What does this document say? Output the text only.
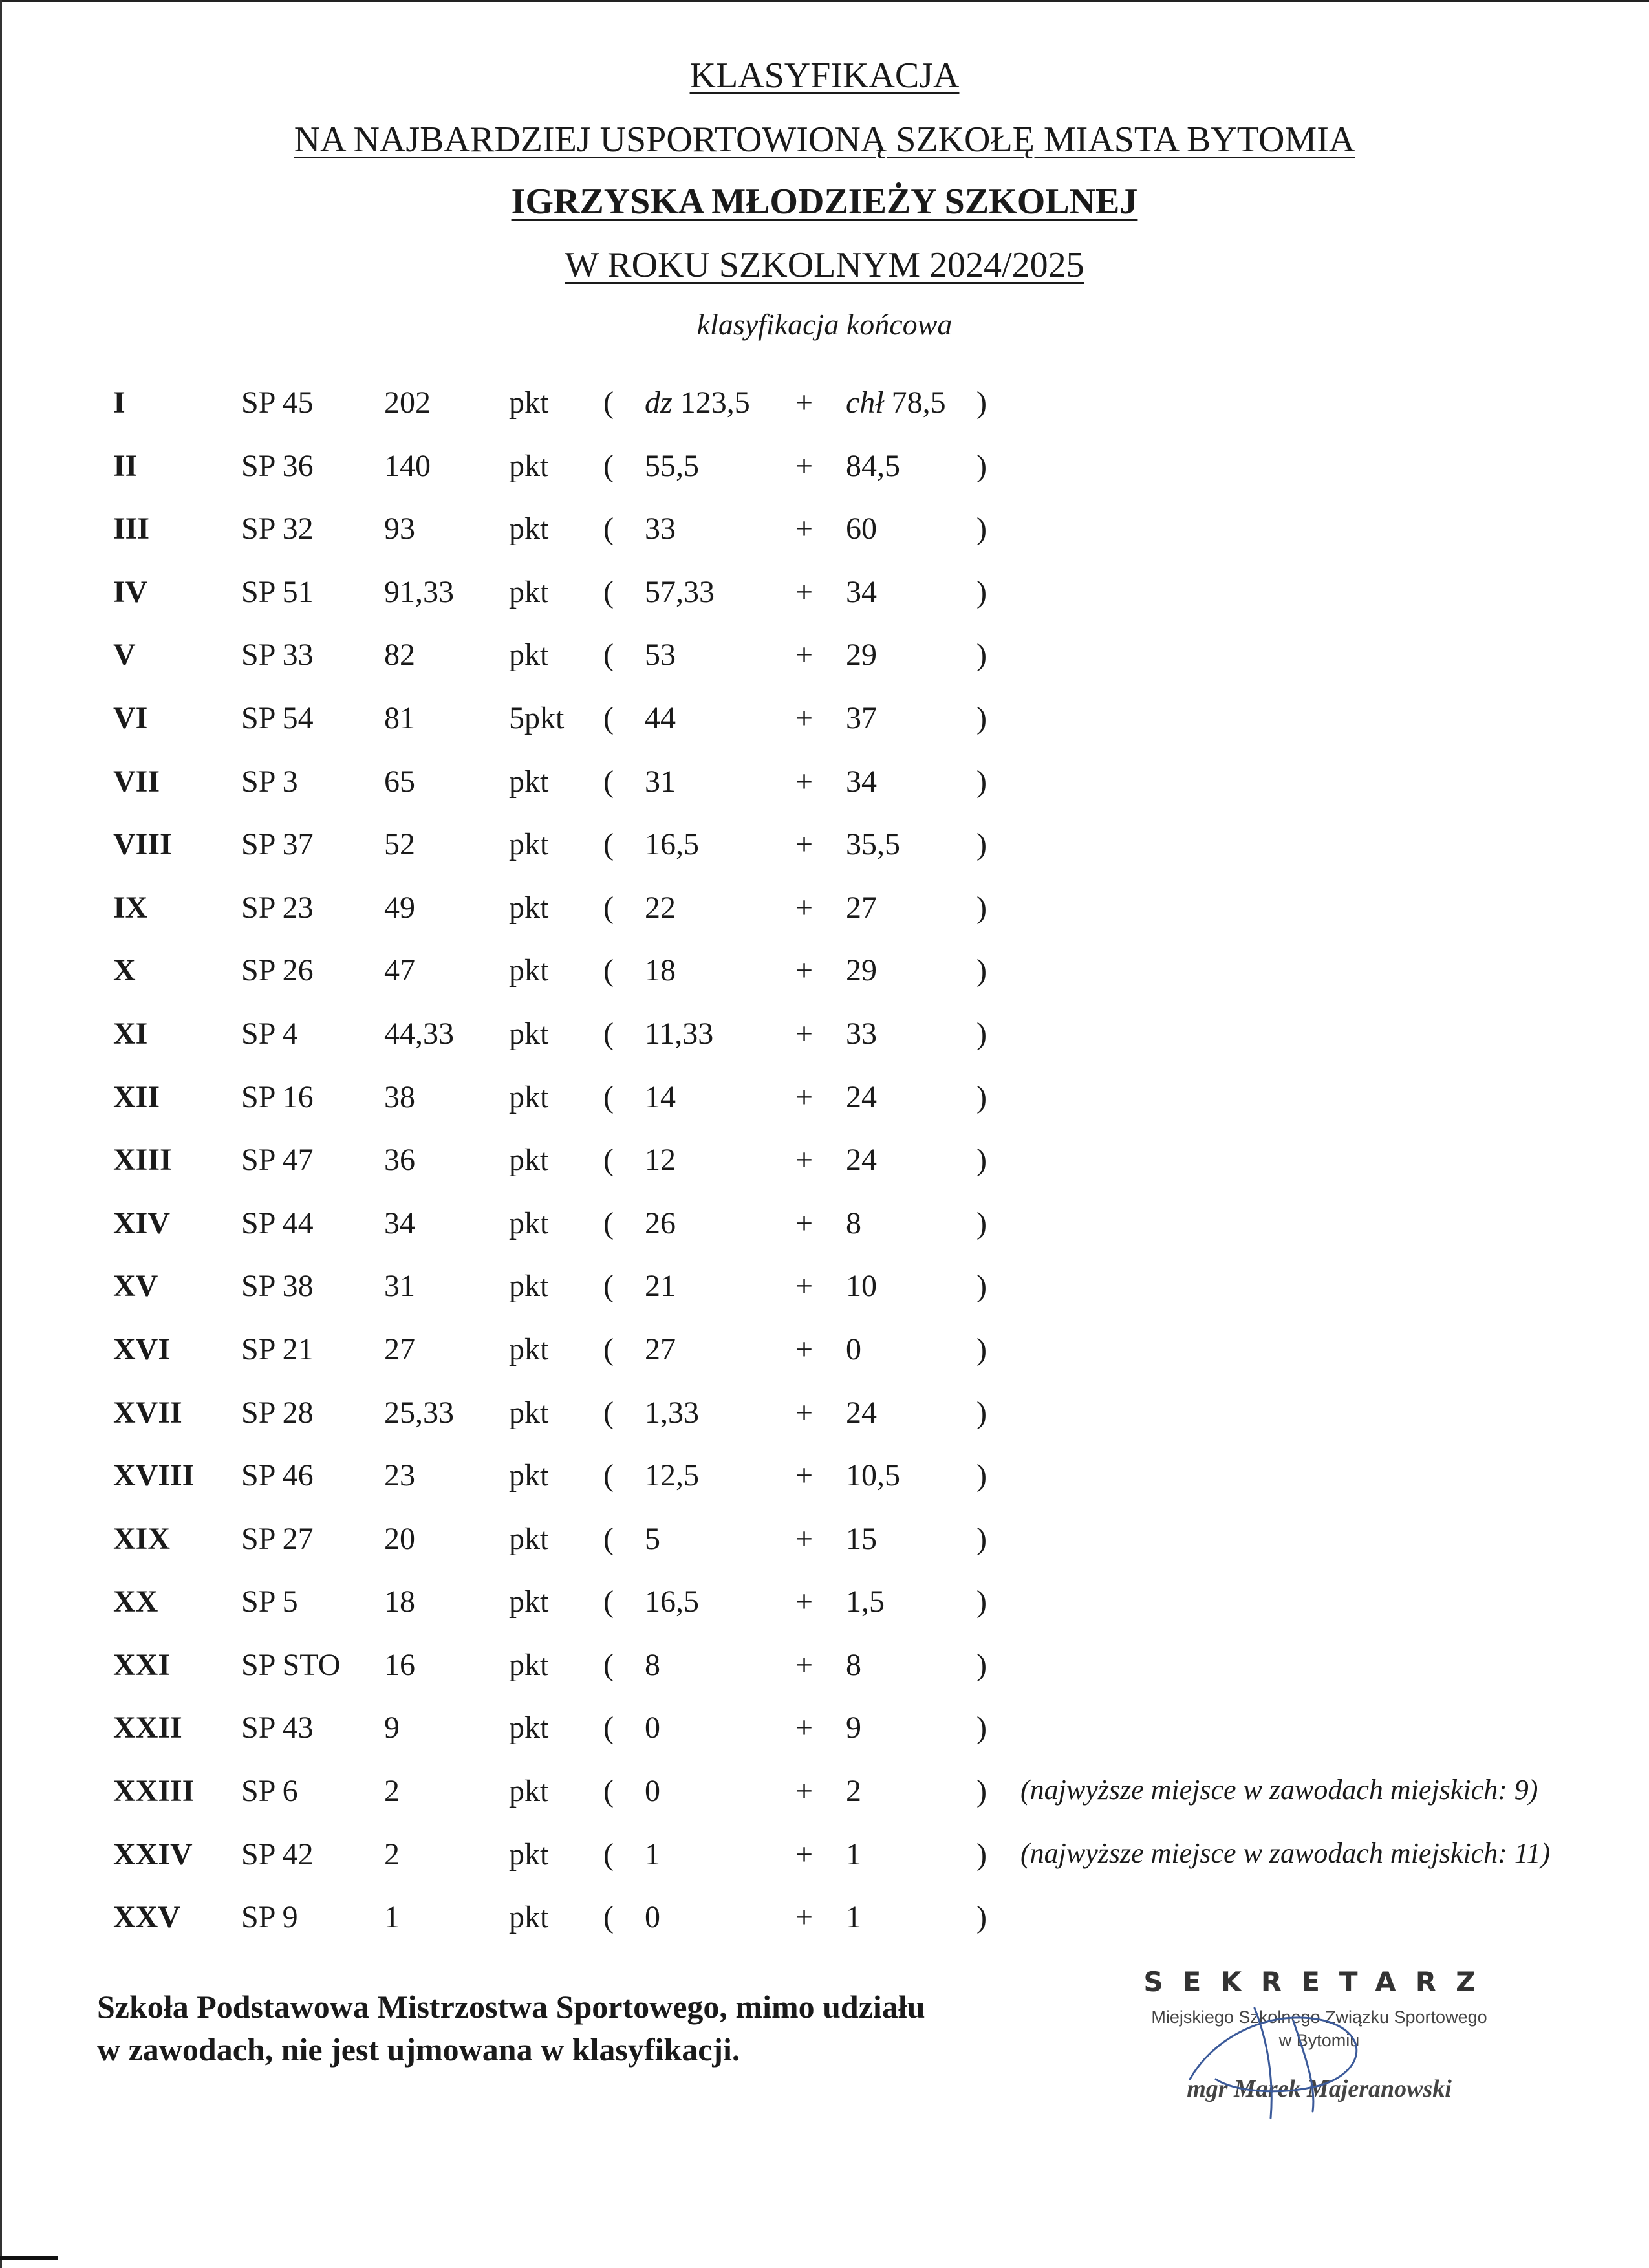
KLASYFIKACJA
NA NAJBARDZIEJ USPORTOWIONĄ SZKOŁĘ MIASTA BYTOMIA
IGRZYSKA MŁODZIEŻY SZKOLNEJ
W ROKU SZKOLNYM 2024/2025
klasyfikacja końcowa
I	SP 45 202	pkt ( dz 123,5 + chł 78,5 )
II	SP 36 140	pkt ( 55,5	+ 84,5 )
III	SP 32 93	pkt ( 33	+ 60	)
IV	SP 51 91,33 pkt ( 57,33	+ 34	)
V	SP 33 82	pkt ( 53	+ 29	)
VI	SP 54 81	5pkt ( 44	+ 37	)
VII	SP 3	65	pkt ( 31	+ 34	)
VIII SP 37 52	pkt ( 16,5	+ 35,5 )
IX	SP 23 49	pkt ( 22	+ 27	)
X	SP 26 47	pkt ( 18	+ 29	)
XI	SP 4	44,33 pkt ( 11,33	+ 33	)
XII	SP 16 38	pkt ( 14	+ 24	)
XIII SP 47 36	pkt ( 12	+ 24	)
XIV SP 44 34	pkt ( 26	+ 8	)
XV	SP 38 31	pkt ( 21	+ 10	)
XVI SP 21 27	pkt ( 27	+ 0	)
XVII SP 28 25,33 pkt ( 1,33	+ 24	)
XVIII SP 46 23	pkt ( 12,5	+ 10,5 )
XIX SP 27 20	pkt ( 5	+ 15	)
XX	SP 5	18	pkt ( 16,5	+ 1,5	)
XXI SP STO 16	pkt ( 8	+ 8	)
XXII SP 43 9	pkt ( 0	+ 9	)
XXIII SP 6	2	pkt ( 0	+ 2	) (najwyższe miejsce w zawodach miejskich: 9)
XXIV SP 42 2	pkt ( 1	+ 1	) (najwyższe miejsce w zawodach miejskich: 11)
XXV SP 9	1	pkt ( 0	+ 1	)
Szkoła Podstawowa Mistrzostwa Sportowego, mimo udziału
w zawodach, nie jest ujmowana w klasyfikacji.
SEKRETARZ
Miejskiego Szkolnego Związku Sportowego
w Bytomiu
mgr Marek Majeranowski
